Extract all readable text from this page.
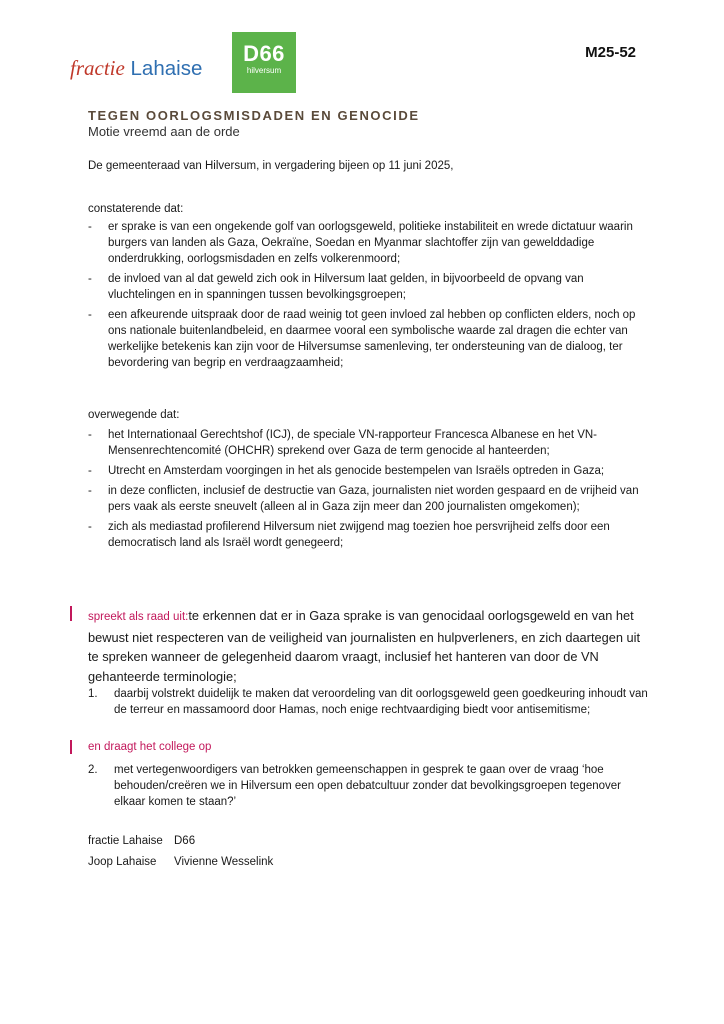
fractie Lahaise
D66
hilversum
M25-52
TEGEN OORLOGSMISDADEN EN GENOCIDE
Motie vreemd aan de orde
De gemeenteraad van Hilversum, in vergadering bijeen op 11 juni 2025,
constaterende dat:
- er sprake is van een ongekende golf van oorlogsgeweld, politieke instabiliteit en wrede dictatuur waarin burgers van landen als Gaza, Oekraïne, Soedan en Myanmar slachtoffer zijn van gewelddadige onderdrukking, oorlogsmisdaden en zelfs volkerenmoord;
- de invloed van al dat geweld zich ook in Hilversum laat gelden, in bijvoorbeeld de opvang van vluchtelingen en in spanningen tussen bevolkingsgroepen;
- een afkeurende uitspraak door de raad weinig tot geen invloed zal hebben op conflicten elders, noch op ons nationale buitenlandbeleid, en daarmee vooral een symbolische waarde zal dragen die echter van werkelijke betekenis kan zijn voor de Hilversumse samenleving, ter ondersteuning van de dialoog, ter bevordering van begrip en verdraagzaamheid;
overwegende dat:
- het Internationaal Gerechtshof (ICJ), de speciale VN-rapporteur Francesca Albanese en het VN-Mensenrechtencomité (OHCHR) sprekend over Gaza de term genocide al hanteerden;
- Utrecht en Amsterdam voorgingen in het als genocide bestempelen van Israëls optreden in Gaza;
- in deze conflicten, inclusief de destructie van Gaza, journalisten niet worden gespaard en de vrijheid van pers vaak als eerste sneuvelt (alleen al in Gaza zijn meer dan 200 journalisten omgekomen);
- zich als mediastad profilerend Hilversum niet zwijgend mag toezien hoe persvrijheid zelfs door een democratisch land als Israël wordt genegeerd;
spreekt als raad uit:te erkennen dat er in Gaza sprake is van genocidaal oorlogsgeweld en van het bewust niet respecteren van de veiligheid van journalisten en hulpverleners, en zich daartegen uit te spreken wanneer de gelegenheid daarom vraagt, inclusief het hanteren van door de VN gehanteerde terminologie;
1. daarbij volstrekt duidelijk te maken dat veroordeling van dit oorlogsgeweld geen goedkeuring inhoudt van de terreur en massamoord door Hamas, noch enige rechtvaardiging biedt voor antisemitisme;
en draagt het college op
2. met vertegenwoordigers van betrokken gemeenschappen in gesprek te gaan over de vraag ‘hoe behouden/creëren we in Hilversum een open debatcultuur zonder dat bevolkingsgroepen tegenover elkaar komen te staan?’
fractie Lahaise D66
Joop Lahaise Vivienne Wesselink
